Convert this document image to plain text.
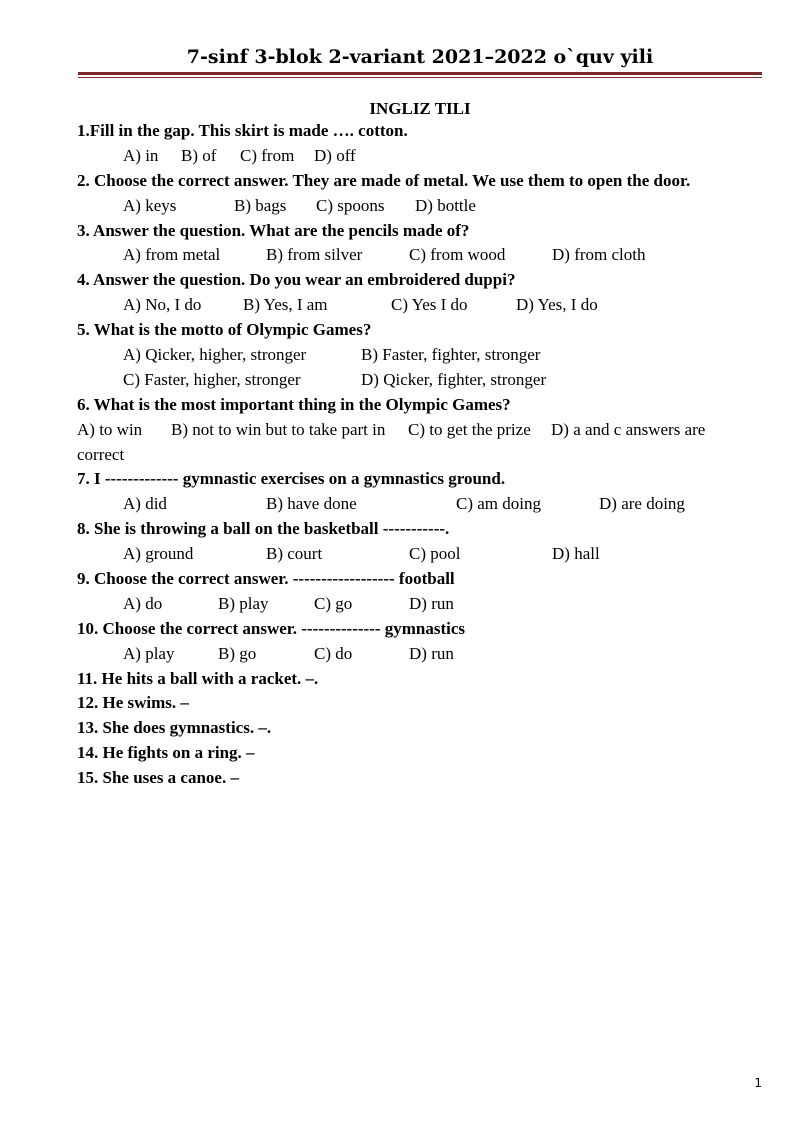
7-sinf 3-blok 2-variant 2021–2022 o`quv yili
INGLIZ TILI
1.Fill in the gap. This skirt is made …. cotton.
A) in B) of C) from D) off
2. Choose the correct answer. They are made of metal. We use them to open the door.
A) keys	B) bags C) spoons D) bottle
3. Answer the question. What are the pencils made of?
A) from metal	B) from silver	C) from wood	D) from cloth
4. Answer the question. Do you wear an embroidered duppi?
A) No, I do B) Yes, I am	C) Yes I do	D) Yes, I do
5. What is the motto of Olympic Games?
A) Qicker, higher, stronger	B) Faster, fighter, stronger
C) Faster, higher, stronger	D) Qicker, fighter, stronger
6. What is the most important thing in the Olympic Games?
A) to win B) not to win but to take part in C) to get the prize D) a and c answers are
correct
7. I ------------- gymnastic exercises on a gymnastics ground.
A) did	B) have done	C) am doing	D) are doing
8. She is throwing a ball on the basketball -----------.
A) ground	B) court	C) pool	D) hall
9. Choose the correct answer. ------------------ football
A) do	B) play	C) go	D) run
10. Choose the correct answer. -------------- gymnastics
A) play	B) go	C) do	D) run
11. He hits a ball with a racket. –.
12. He swims. –
13. She does gymnastics. –.
14. He fights on a ring. –
15. She uses a canoe. –
1
